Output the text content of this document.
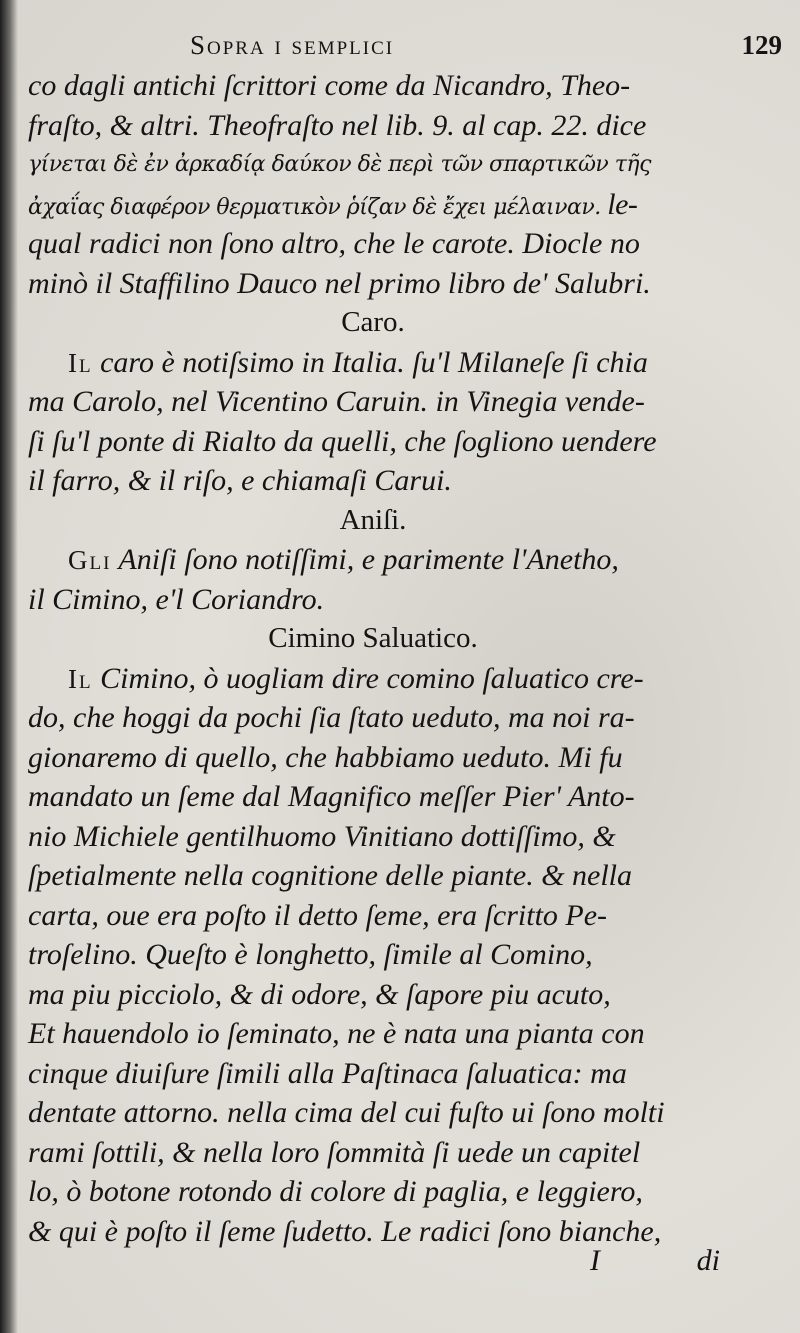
Sopra i semplici	129
co dagli antichi ſcrittori come da Nicandro, Theo-
fraſto, & altri. Theofraſto nel lib. 9. al cap. 22. dice
γίνεται δὲ ἐν ἀρκαδίᾳ δαύκον δὲ περὶ τῶν σπαρτικῶν τῆς
ἀχαΐας διαφέρον θερματικὸν ῥίζαν δὲ ἔχει μέλαιναν. le-
qual radici non ſono altro, che le carote. Diocle no
minò il Staffilino Dauco nel primo libro de' Salubri.
Caro.
Il caro è notiſsimo in Italia. ſu'l Milaneſe ſi chia
ma Carolo, nel Vicentino Caruin. in Vinegia vende-
ſi ſu'l ponte di Rialto da quelli, che ſogliono uendere
il farro, & il riſo, e chiamaſi Carui.
Aniſi.
Gli Aniſi ſono notiſſimi, e parimente l'Anetho,
il Cimino, e'l Coriandro.
Cimino Saluatico.
Il Cimino, ò uogliam dire comino ſaluatico cre-
do, che hoggi da pochi ſia ſtato ueduto, ma noi ra-
gionaremo di quello, che habbiamo ueduto. Mi fu
mandato un ſeme dal Magnifico meſſer Pier' Anto-
nio Michiele gentilhuomo Vinitiano dottiſſimo, &
ſpetialmente nella cognitione delle piante. & nella
carta, oue era poſto il detto ſeme, era ſcritto Pe-
troſelino. Queſto è longhetto, ſimile al Comino,
ma piu picciolo, & di odore, & ſapore piu acuto,
Et hauendolo io ſeminato, ne è nata una pianta con
cinque diuiſure ſimili alla Paſtinaca ſaluatica: ma
dentate attorno. nella cima del cui fuſto ui ſono molti
rami ſottili, & nella loro ſommità ſi uede un capitel
lo, ò botone rotondo di colore di paglia, e leggiero,
& qui è poſto il ſeme ſudetto. Le radici ſono bianche,
I	di
